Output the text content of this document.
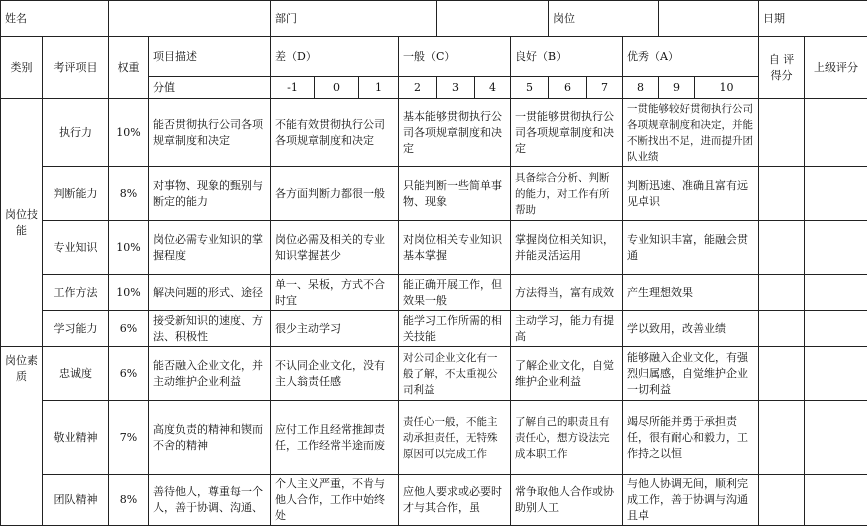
姓名				部门							岗位					日期	
类别	考评项目	权重	项目描述	差（D）			一般（C）			良好（B）			优秀（A）			自 评 得分	上级评分
			分值	-1	0	1	2	3	4	5	6	7	8	9	10		
岗位技能	执行力	10%	能否贯彻执行公司各项规章制度和决定	不能有效贯彻执行公司各项规章制度和决定			基本能够贯彻执行公司各项规章制度和决定			一贯能够贯彻执行公司各项规章制度和决定			一贯能够较好贯彻执行公司各项规章制度和决定，并能不断找出不足，进而提升团队业绩				
	判断能力	8%	对事物、现象的甄别与断定的能力	各方面判断力都很一般			只能判断一些简单事物、现象			具备综合分析、判断的能力，对工作有所帮助			判断迅速、准确且富有远见卓识				
	专业知识	10%	岗位必需专业知识的掌握程度	岗位必需及相关的专业知识掌握甚少			对岗位相关专业知识基本掌握			掌握岗位相关知识，并能灵活运用			专业知识丰富，能融会贯通				
	工作方法	10%	解决问题的形式、途径	单一、呆板，方式不合时宜			能正确开展工作，但效果一般			方法得当，富有成效			产生理想效果				
	学习能力	6%	接受新知识的速度、方法、积极性	很少主动学习			能学习工作所需的相关技能			主动学习，能力有提高			学以致用，改善业绩				
岗位素质	忠诚度	6%	能否融入企业文化，并主动维护企业利益	不认同企业文化，没有主人翁责任感			对公司企业文化有一般了解，不太重视公司利益			了解企业文化，自觉维护企业利益			能够融入企业文化，有强烈归属感，自觉维护企业一切利益				
	敬业精神	7%	高度负责的精神和锲而不舍的精神	应付工作且经常推卸责任，工作经常半途而废			责任心一般，不能主动承担责任，无特殊原因可以完成工作			了解自己的职责且有责任心，想方设法完成本职工作			竭尽所能并勇于承担责任，很有耐心和毅力，工作持之以恒				
	团队精神	8%	善待他人，尊重每一个人，善于协调、沟通、	个人主义严重，不肯与他人合作，工作中始终处			应他人要求或必要时才与其合作，虽			常争取他人合作或协助别人工			与他人协调无间，顺利完成工作，善于协调与沟通且卓				
